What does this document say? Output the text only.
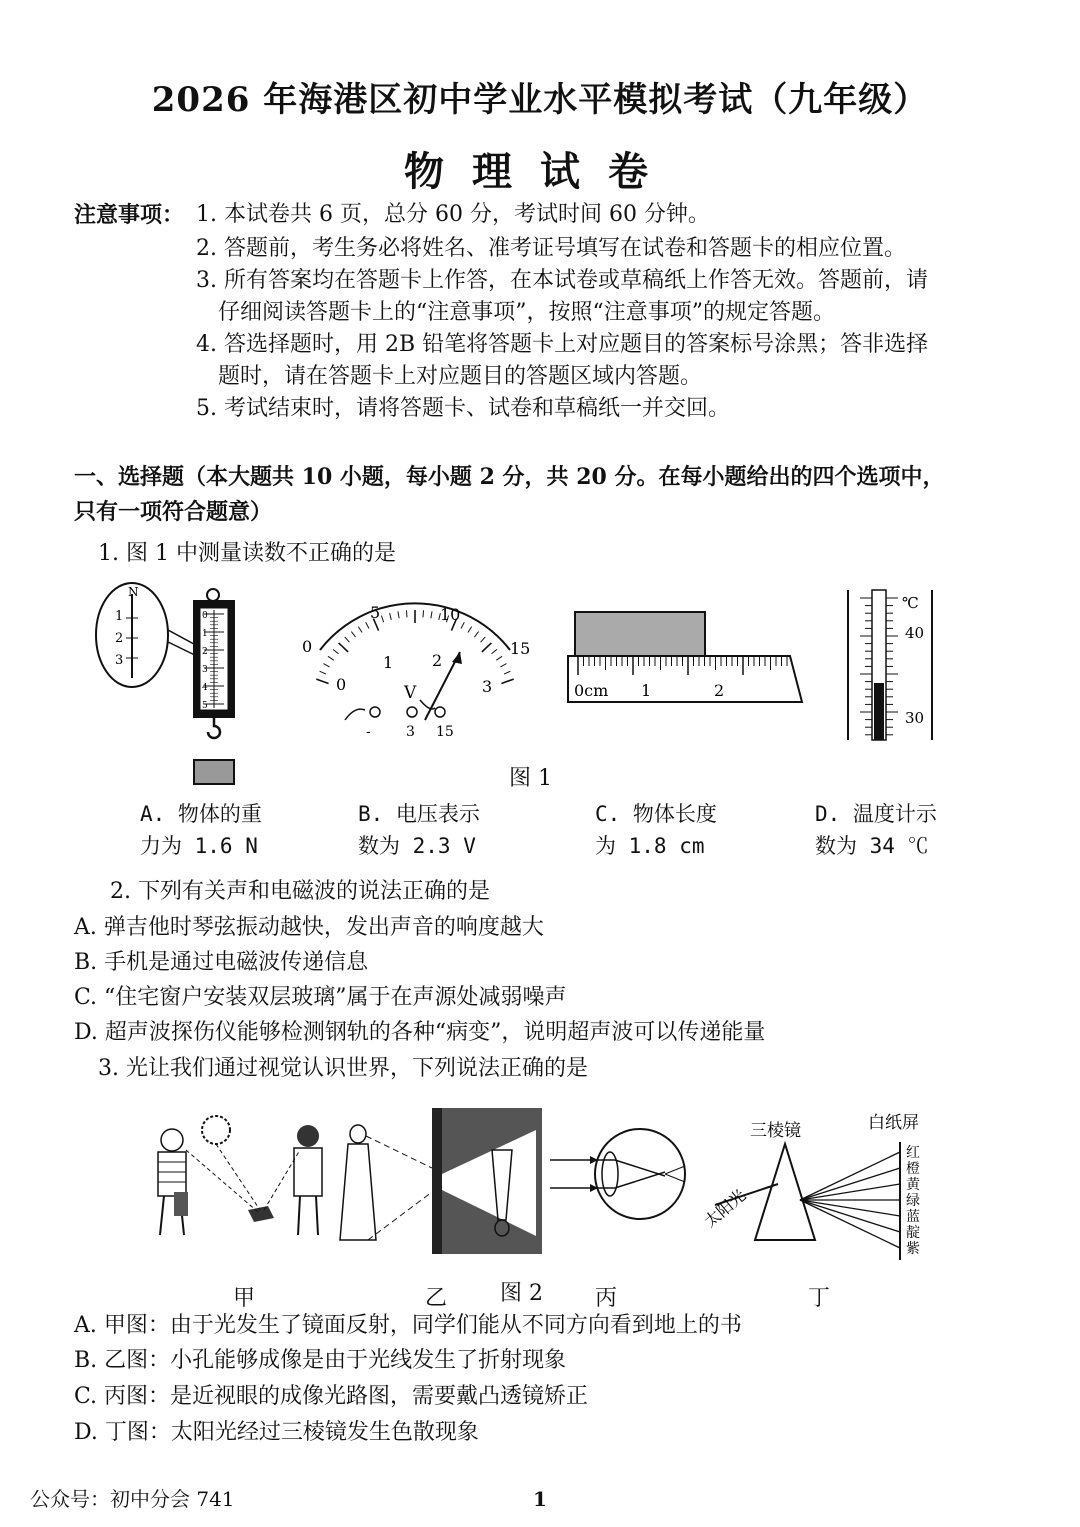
2026 年海港区初中学业水平模拟考试（九年级）
物理试卷
注意事项： 1. 本试卷共 6 页，总分 60 分，考试时间 60 分钟。
2. 答题前，考生务必将姓名、准考证号填写在试卷和答题卡的相应位置。
3. 所有答案均在答题卡上作答，在本试卷或草稿纸上作答无效。答题前，请
仔细阅读答题卡上的“注意事项”，按照“注意事项”的规定答题。
4. 答选择题时，用 2B 铅笔将答题卡上对应题目的答案标号涂黑；答非选择
题时，请在答题卡上对应题目的答题区域内答题。
5. 考试结束时，请将答题卡、试卷和草稿纸一并交回。
一、选择题（本大题共 10 小题，每小题 2 分，共 20 分。在每小题给出的四个选项中，
只有一项符合题意）
1. 图 1 中测量读数不正确的是
1
2
3
N
0
1
2
3
4
5
0
5	10
15
0
1 2
3
V
-	3 15
0cm 1	2
℃
40
30
图 1
A. 物体的重
力为 1.6 N
B. 电压表示
数为 2.3 V
C. 物体长度
为 1.8 cm
D. 温度计示
数为 34 ℃
2. 下列有关声和电磁波的说法正确的是
A. 弹吉他时琴弦振动越快，发出声音的响度越大
B. 手机是通过电磁波传递信息
C. “住宅窗户安装双层玻璃”属于在声源处减弱噪声
D. 超声波探伤仪能够检测钢轨的各种“病变”，说明超声波可以传递能量
3. 光让我们通过视觉认识世界，下列说法正确的是
三棱镜	白纸屏
太阳光
红
橙
黄
绿
蓝
靛
紫
甲	乙 图 2 丙	丁
A. 甲图：由于光发生了镜面反射，同学们能从不同方向看到地上的书
B. 乙图：小孔能够成像是由于光线发生了折射现象
C. 丙图：是近视眼的成像光路图，需要戴凸透镜矫正
D. 丁图：太阳光经过三棱镜发生色散现象
公众号：初中分会 741	1
